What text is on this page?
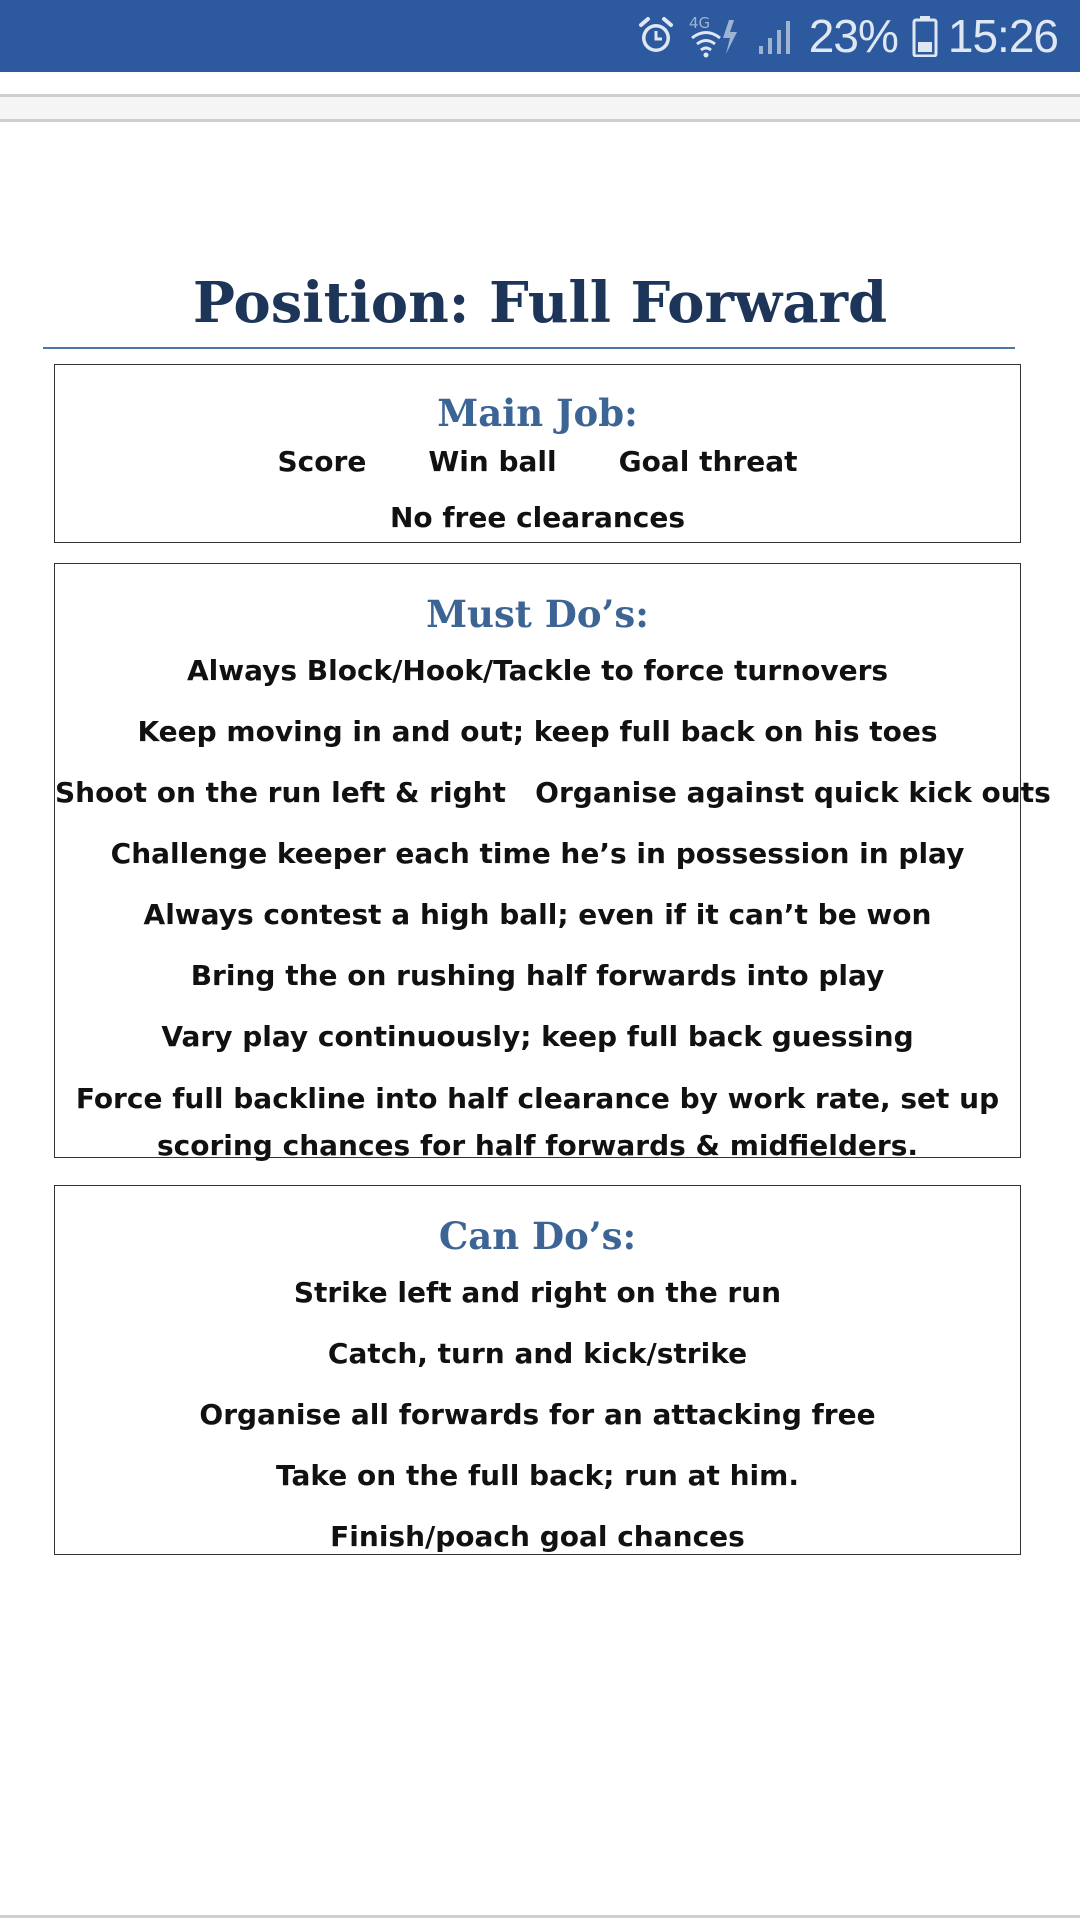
4G 23% 15:26
Position: Full Forward
Main Job:
Score Win ball Goal threat
No free clearances
Must Do’s:
Always Block/Hook/Tackle to force turnovers
Keep moving in and out; keep full back on his toes
Shoot on the run left & right   Organise against quick kick outs
Challenge keeper each time he’s in possession in play
Always contest a high ball; even if it can’t be won
Bring the on rushing half forwards into play
Vary play continuously; keep full back guessing
Force full backline into half clearance by work rate, set up scoring chances for half forwards & midfielders.
Can Do’s:
Strike left and right on the run
Catch, turn and kick/strike
Organise all forwards for an attacking free
Take on the full back; run at him.
Finish/poach goal chances
